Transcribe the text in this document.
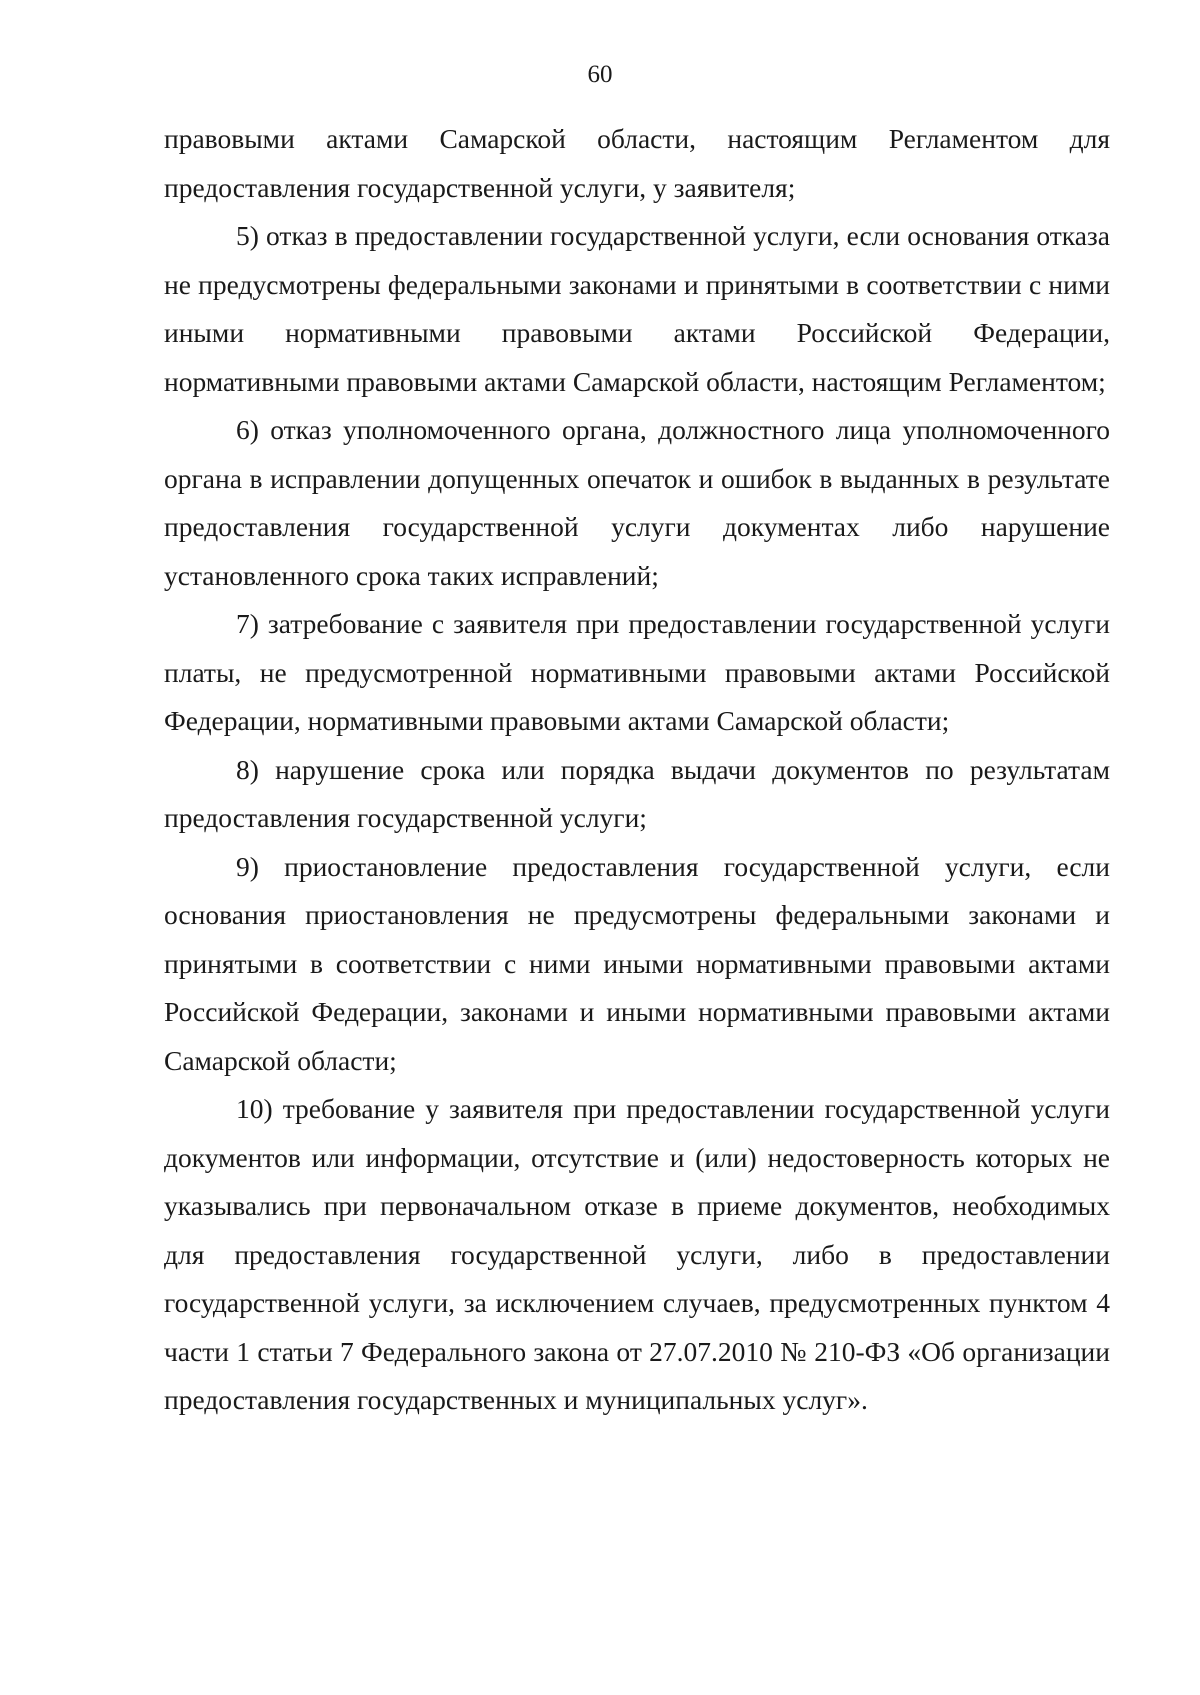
60

правовыми актами Самарской области, настоящим Регламентом для предоставления государственной услуги, у заявителя;

5) отказ в предоставлении государственной услуги, если основания отказа не предусмотрены федеральными законами и принятыми в соответствии с ними иными нормативными правовыми актами Российской Федерации, нормативными правовыми актами Самарской области, настоящим Регламентом;

6) отказ уполномоченного органа, должностного лица уполномоченного органа в исправлении допущенных опечаток и ошибок в выданных в результате предоставления государственной услуги документах либо нарушение установленного срока таких исправлений;

7) затребование с заявителя при предоставлении государственной услуги платы, не предусмотренной нормативными правовыми актами Российской Федерации, нормативными правовыми актами Самарской области;

8) нарушение срока или порядка выдачи документов по результатам предоставления государственной услуги;

9) приостановление предоставления государственной услуги, если основания приостановления не предусмотрены федеральными законами и принятыми в соответствии с ними иными нормативными правовыми актами Российской Федерации, законами и иными нормативными правовыми актами Самарской области;

10) требование у заявителя при предоставлении государственной услуги документов или информации, отсутствие и (или) недостоверность которых не указывались при первоначальном отказе в приеме документов, необходимых для предоставления государственной услуги, либо в предоставлении государственной услуги, за исключением случаев, предусмотренных пунктом 4 части 1 статьи 7 Федерального закона от 27.07.2010 № 210-ФЗ «Об организации предоставления государственных и муниципальных услуг».
